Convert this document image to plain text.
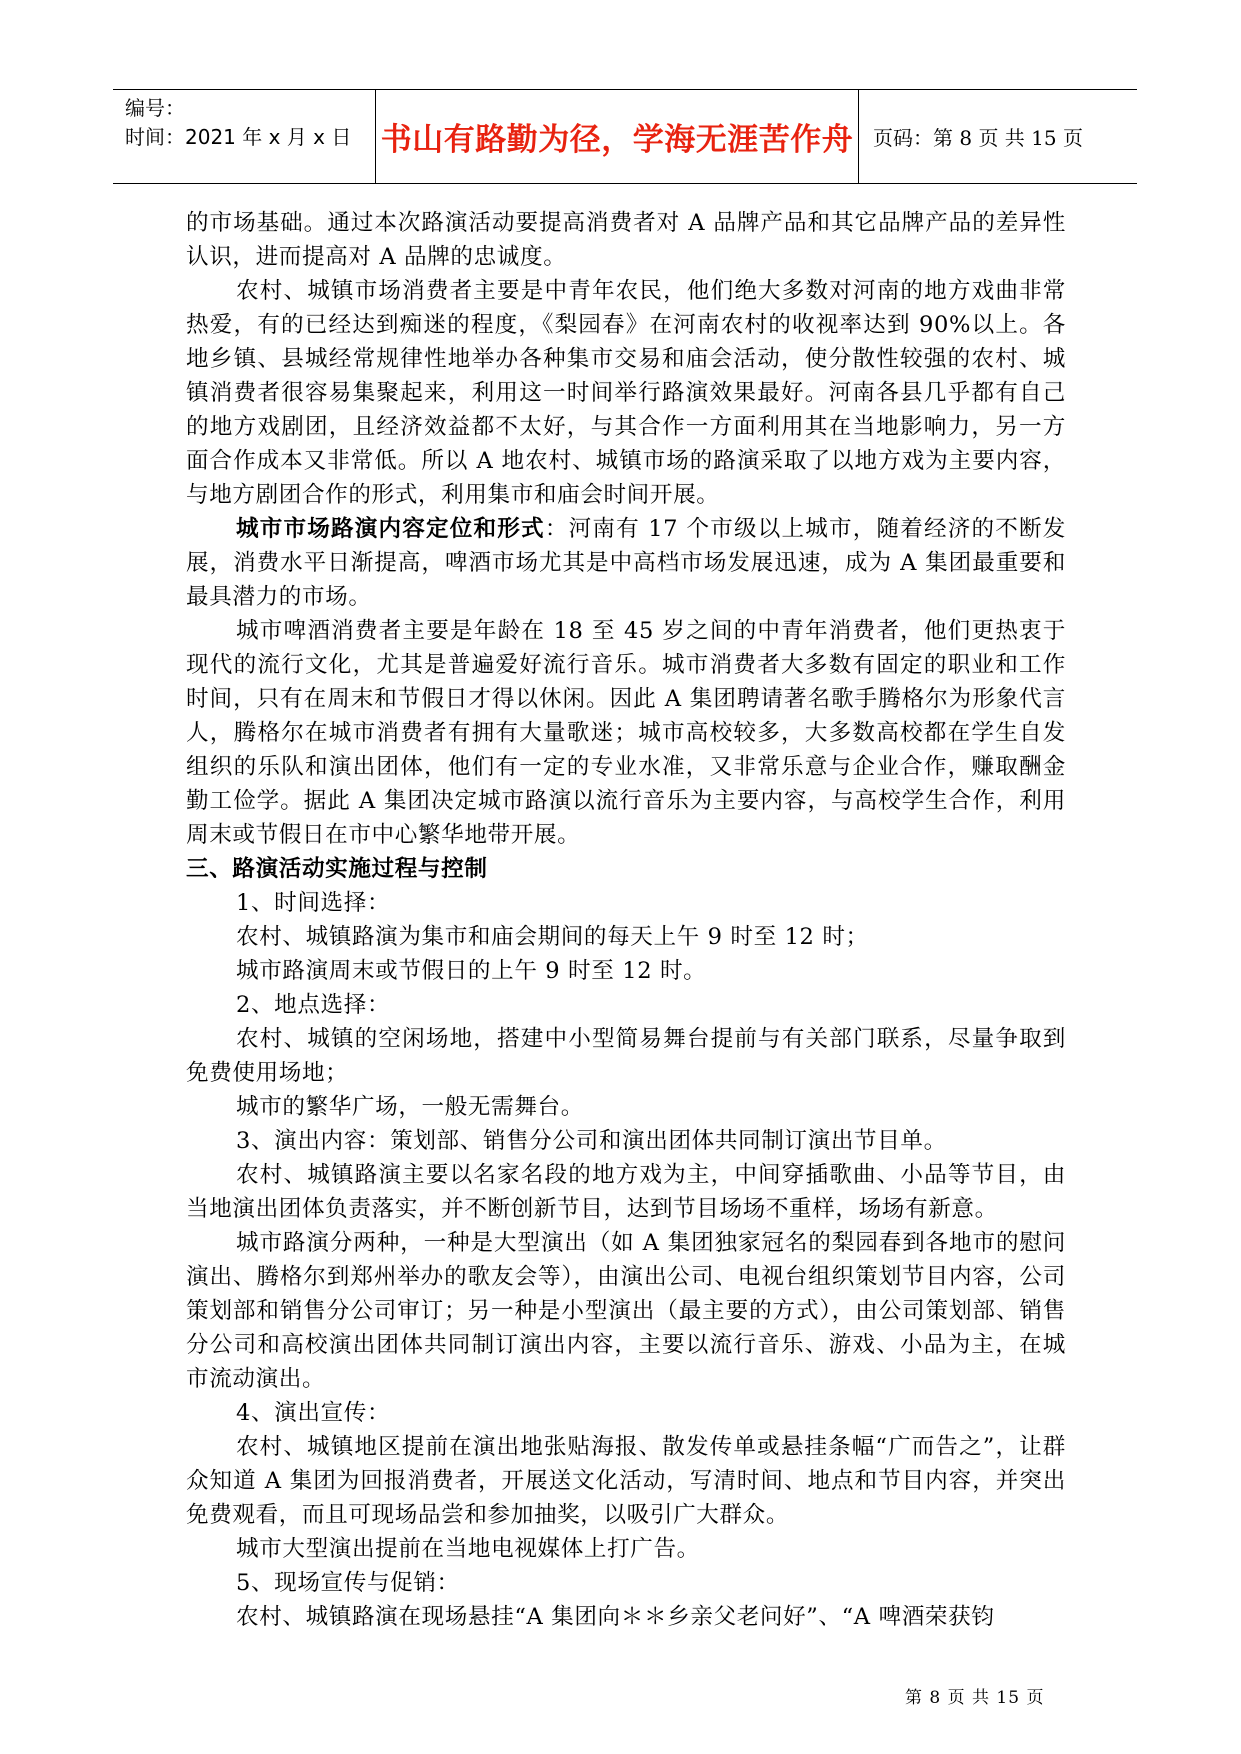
编号：
时间：2021 年 x 月 x 日 书山有路勤为径，学海无涯苦作舟 页码：第 8 页 共 15 页

的市场基础。通过本次路演活动要提高消费者对 A 品牌产品和其它品牌产品的差异性认识，进而提高对 A 品牌的忠诚度。

农村、城镇市场消费者主要是中青年农民，他们绝大多数对河南的地方戏曲非常热爱，有的已经达到痴迷的程度，《梨园春》在河南农村的收视率达到 90%以上。各地乡镇、县城经常规律性地举办各种集市交易和庙会活动，使分散性较强的农村、城镇消费者很容易集聚起来，利用这一时间举行路演效果最好。河南各县几乎都有自己的地方戏剧团，且经济效益都不太好，与其合作一方面利用其在当地影响力，另一方面合作成本又非常低。所以 A 地农村、城镇市场的路演采取了以地方戏为主要内容，与地方剧团合作的形式，利用集市和庙会时间开展。

城市市场路演内容定位和形式：河南有 17 个市级以上城市，随着经济的不断发展，消费水平日渐提高，啤酒市场尤其是中高档市场发展迅速，成为 A 集团最重要和最具潜力的市场。

城市啤酒消费者主要是年龄在 18 至 45 岁之间的中青年消费者，他们更热衷于现代的流行文化，尤其是普遍爱好流行音乐。城市消费者大多数有固定的职业和工作时间，只有在周末和节假日才得以休闲。因此 A 集团聘请著名歌手腾格尔为形象代言人，腾格尔在城市消费者有拥有大量歌迷；城市高校较多，大多数高校都在学生自发组织的乐队和演出团体，他们有一定的专业水准，又非常乐意与企业合作，赚取酬金勤工俭学。据此 A 集团决定城市路演以流行音乐为主要内容，与高校学生合作，利用周末或节假日在市中心繁华地带开展。

三、路演活动实施过程与控制

1、时间选择：

农村、城镇路演为集市和庙会期间的每天上午 9 时至 12 时；

城市路演周末或节假日的上午 9 时至 12 时。

2、地点选择：

农村、城镇的空闲场地，搭建中小型简易舞台提前与有关部门联系，尽量争取到免费使用场地；

城市的繁华广场，一般无需舞台。

3、演出内容：策划部、销售分公司和演出团体共同制订演出节目单。

农村、城镇路演主要以名家名段的地方戏为主，中间穿插歌曲、小品等节目，由当地演出团体负责落实，并不断创新节目，达到节目场场不重样，场场有新意。

城市路演分两种，一种是大型演出（如 A 集团独家冠名的梨园春到各地市的慰问演出、腾格尔到郑州举办的歌友会等），由演出公司、电视台组织策划节目内容，公司策划部和销售分公司审订；另一种是小型演出（最主要的方式），由公司策划部、销售分公司和高校演出团体共同制订演出内容，主要以流行音乐、游戏、小品为主，在城市流动演出。

4、演出宣传：

农村、城镇地区提前在演出地张贴海报、散发传单或悬挂条幅“广而告之”，让群众知道 A 集团为回报消费者，开展送文化活动，写清时间、地点和节目内容，并突出免费观看，而且可现场品尝和参加抽奖，以吸引广大群众。

城市大型演出提前在当地电视媒体上打广告。

5、现场宣传与促销：

农村、城镇路演在现场悬挂“A 集团向＊＊乡亲父老问好”、“A 啤酒荣获钧

第 8 页 共 15 页
